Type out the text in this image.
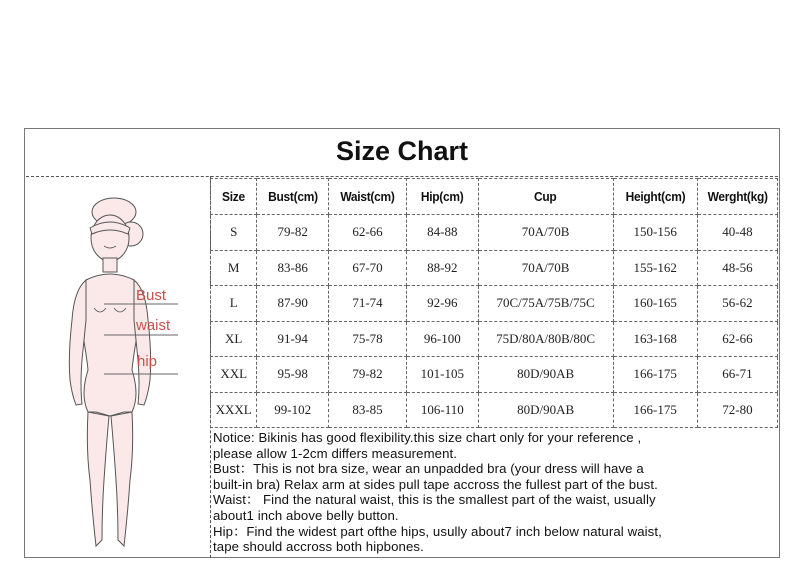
Size Chart
Bust
waist
hip
Size	Bust(cm)	Waist(cm)	Hip(cm)	Cup	Height(cm)	Werght(kg)
S	79-82	62-66	84-88	70A/70B	150-156	40-48
M	83-86	67-70	88-92	70A/70B	155-162	48-56
L	87-90	71-74	92-96	70C/75A/75B/75C	160-165	56-62
XL	91-94	75-78	96-100	75D/80A/80B/80C	163-168	62-66
XXL	95-98	79-82	101-105	80D/90AB	166-175	66-71
XXXL	99-102	83-85	106-110	80D/90AB	166-175	72-80
Notice: Bikinis has good flexibility.this size chart only for your reference ,
please allow 1-2cm differs measurement.
Bust：This is not bra size, wear an unpadded bra (your dress will have a
built-in bra) Relax arm at sides pull tape accross the fullest part of the bust.
Waist： Find the natural waist, this is the smallest part of the waist, usually
about1 inch above belly button.
Hip：Find the widest part ofthe hips, usully about7 inch below natural waist,
tape should accross both hipbones.
